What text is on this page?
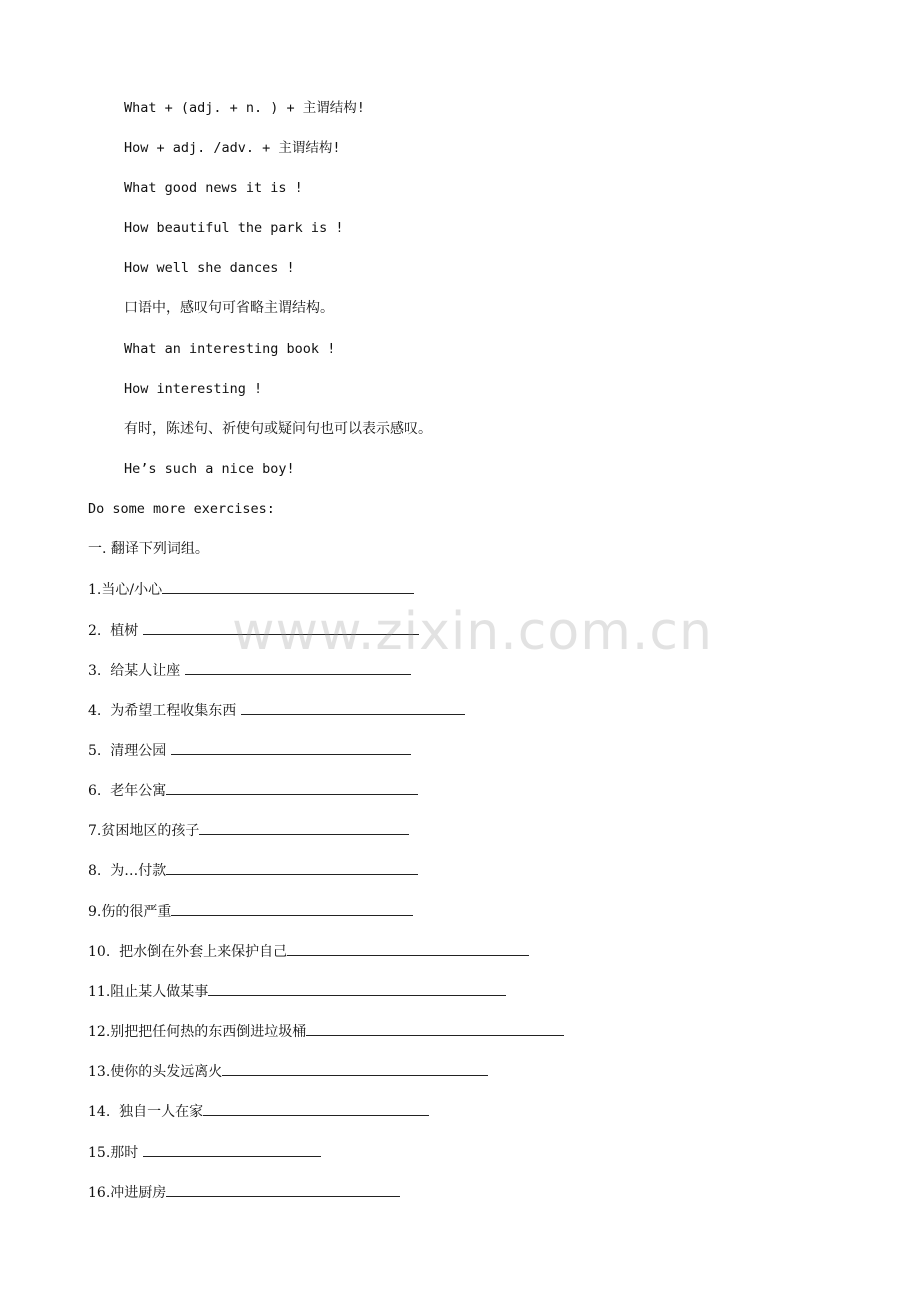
What + (adj. + n. ) + 主谓结构!

How + adj. /adv. + 主谓结构!

What good news it is !

How beautiful the park is !

How well she dances !

口语中，感叹句可省略主谓结构。

What an interesting book !

How interesting !

有时，陈述句、祈使句或疑问句也可以表示感叹。

He’s such a nice boy!

Do some more exercises:

一. 翻译下列词组。

1.当心/小心

2.  植树

3.  给某人让座

4.  为希望工程收集东西

5.  清理公园

6.  老年公寓

7.贫困地区的孩子

8.  为…付款

9.伤的很严重

10.  把水倒在外套上来保护自己

11.阻止某人做某事

12.别把把任何热的东西倒进垃圾桶

13.使你的头发远离火

14.  独自一人在家

15.那时

16.冲进厨房

www.zixin.com.cn
